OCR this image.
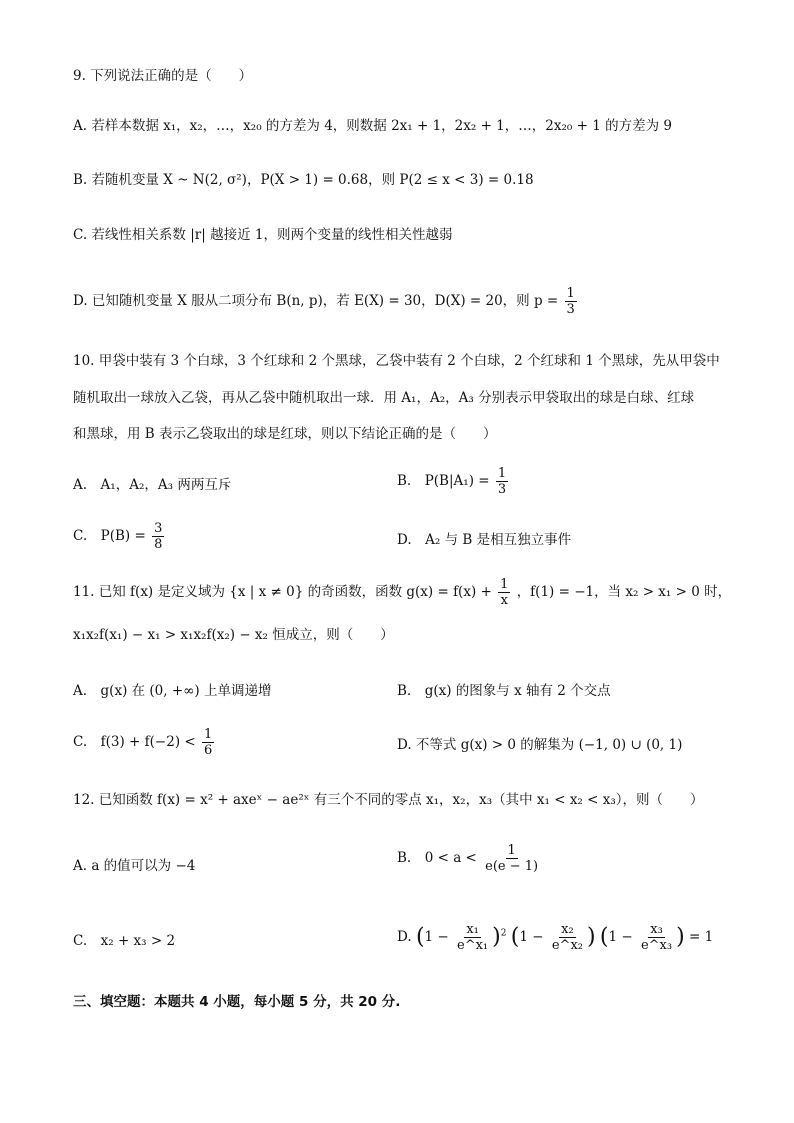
9. 下列说法正确的是（　　）
A. 若样本数据 x₁，x₂，…，x₂₀ 的方差为 4，则数据 2x₁ + 1，2x₂ + 1，…，2x₂₀ + 1 的方差为 9
B. 若随机变量 X ~ N(2, σ²)，P(X > 1) = 0.68，则 P(2 ≤ x < 3) = 0.18
C. 若线性相关系数 |r| 越接近 1，则两个变量的线性相关性越弱
D. 已知随机变量 X 服从二项分布 B(n, p)，若 E(X) = 30，D(X) = 20，则 $p = \frac{1}{3}$
10. 甲袋中装有 3 个白球，3 个红球和 2 个黑球，乙袋中装有 2 个白球，2 个红球和 1 个黑球，先从甲袋中
随机取出一球放入乙袋，再从乙袋中随机取出一球．用 A₁，A₂，A₃ 分别表示甲袋取出的球是白球、红球
和黑球，用 B 表示乙袋取出的球是红球，则以下结论正确的是（　　）
A.　A₁，A₂，A₃ 两两互斥	B.　$P(B|A_1) = \frac{1}{3}$
C.　$P(B) = \frac{3}{8}$	D.　A₂ 与 B 是相互独立事件
11. 已知 f(x) 是定义域为 {x | x ≠ 0} 的奇函数，函数 $g(x) = f(x) + \frac{1}{x}$ ，f(1) = −1，当 x₂ > x₁ > 0 时，
x₁x₂f(x₁) − x₁ > x₁x₂f(x₂) − x₂ 恒成立，则（　　）
A.　g(x) 在 (0, +∞) 上单调递增	B.　g(x) 的图象与 x 轴有 2 个交点
C.　$f(3) + f(-2) < \frac{1}{6}$	D. 不等式 g(x) > 0 的解集为 (−1, 0) ∪ (0, 1)
12. 已知函数 f(x) = x² + axeˣ − ae²ˣ 有三个不同的零点 x₁，x₂，x₃（其中 x₁ < x₂ < x₃），则（　　）
A. a 的值可以为 −4	B.　$0 < a < \frac{1}{e(e - 1)}$
C.　x₂ + x₃ > 2	D. $(1 - \frac{\text{x₁}}{\text{e\textasciicircum{}x₁}} )^2$ ($1 - \frac{\text{x₂}}{\text{e\textasciicircum{}x₂}}$ ) ($1 - \frac{\text{x₃}}{\text{e\textasciicircum{}x₃}}$ ) = 1
三、填空题：本题共 4 小题，每小题 5 分，共 20 分.
